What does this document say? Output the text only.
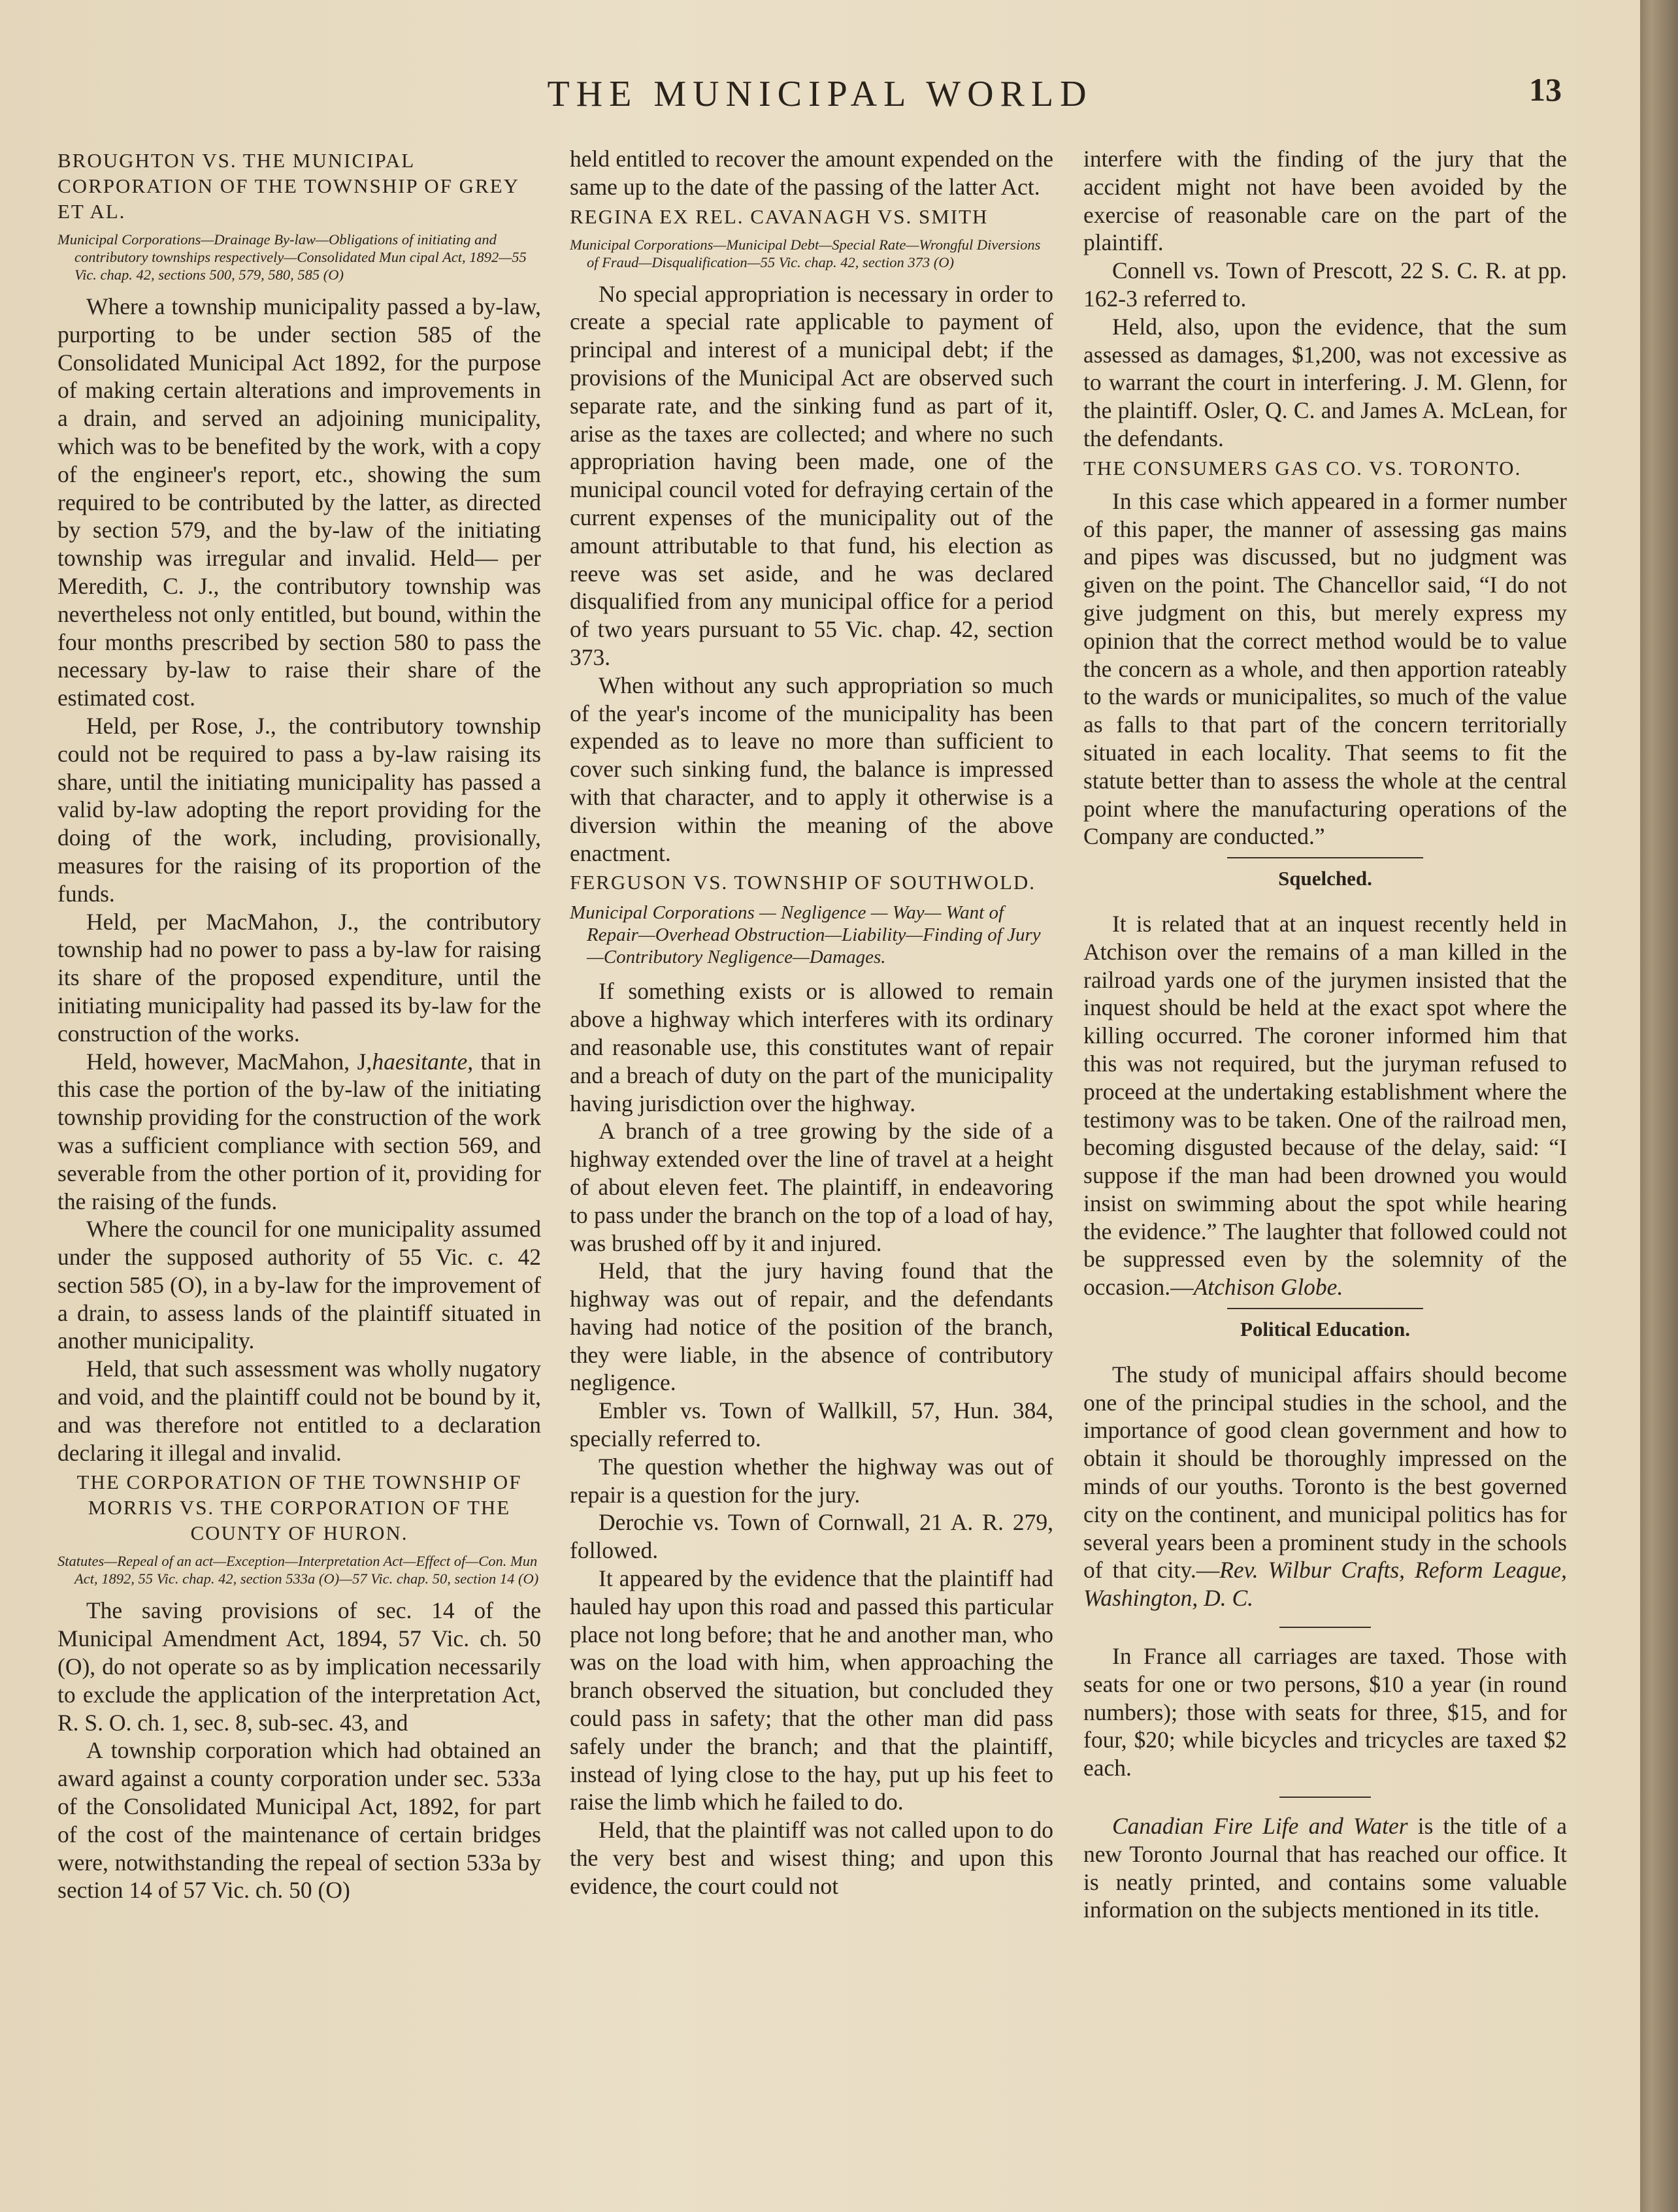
THE MUNICIPAL WORLD	13
BROUGHTON VS. THE MUNICIPAL CORPORATION OF THE TOWNSHIP OF GREY ET AL.
Municipal Corporations—Drainage By-law—Obligations of initiating and contributory townships respectively—Consolidated Mun cipal Act, 1892—55 Vic. chap. 42, sections 500, 579, 580, 585 (O)

Where a township municipality passed a by-law, purporting to be under section 585 of the Consolidated Municipal Act 1892, for the purpose of making certain alterations and improvements in a drain, and served an adjoining municipality, which was to be benefited by the work, with a copy of the engineer's report, etc., showing the sum required to be contributed by the latter, as directed by section 579, and the by-law of the initiating township was irregular and invalid. Held— per Meredith, C. J., the contributory township was nevertheless not only entitled, but bound, within the four months prescribed by section 580 to pass the necessary by-law to raise their share of the estimated cost.

Held, per Rose, J., the contributory township could not be required to pass a by-law raising its share, until the initiating municipality has passed a valid by-law adopting the report providing for the doing of the work, including, provisionally, measures for the raising of its proportion of the funds.

Held, per MacMahon, J., the contributory township had no power to pass a by-law for raising its share of the proposed expenditure, until the initiating municipality had passed its by-law for the construction of the works.

Held, however, MacMahon, J,haesitante, that in this case the portion of the by-law of the initiating township providing for the construction of the work was a sufficient compliance with section 569, and severable from the other portion of it, providing for the raising of the funds.

Where the council for one municipality assumed under the supposed authority of 55 Vic. c. 42 section 585 (O), in a by-law for the improvement of a drain, to assess lands of the plaintiff situated in another municipality.

Held, that such assessment was wholly nugatory and void, and the plaintiff could not be bound by it, and was therefore not entitled to a declaration declaring it illegal and invalid.

THE CORPORATION OF THE TOWNSHIP OF MORRIS VS. THE CORPORATION OF THE COUNTY OF HURON.
Statutes—Repeal of an act—Exception—Interpretation Act—Effect of—Con. Mun Act, 1892, 55 Vic. chap. 42, section 533a (O)—57 Vic. chap. 50, section 14 (O)

The saving provisions of sec. 14 of the Municipal Amendment Act, 1894, 57 Vic. ch. 50 (O), do not operate so as by implication necessarily to exclude the application of the interpretation Act, R. S. O. ch. 1, sec. 8, sub-sec. 43, and

A township corporation which had obtained an award against a county corporation under sec. 533a of the Consolidated Municipal Act, 1892, for part of the cost of the maintenance of certain bridges were, notwithstanding the repeal of section 533a by section 14 of 57 Vic. ch. 50 (O)

held entitled to recover the amount expended on the same up to the date of the passing of the latter Act.

REGINA EX REL. CAVANAGH VS. SMITH
Municipal Corporations—Municipal Debt—Special Rate—Wrongful Diversions of Fraud—Disqualification—55 Vic. chap. 42, section 373 (O)

No special appropriation is necessary in order to create a special rate applicable to payment of principal and interest of a municipal debt; if the provisions of the Municipal Act are observed such separate rate, and the sinking fund as part of it, arise as the taxes are collected; and where no such appropriation having been made, one of the municipal council voted for defraying certain of the current expenses of the municipality out of the amount attributable to that fund, his election as reeve was set aside, and he was declared disqualified from any municipal office for a period of two years pursuant to 55 Vic. chap. 42, section 373.

When without any such appropriation so much of the year's income of the municipality has been expended as to leave no more than sufficient to cover such sinking fund, the balance is impressed with that character, and to apply it otherwise is a diversion within the meaning of the above enactment.

FERGUSON VS. TOWNSHIP OF SOUTHWOLD.
Municipal Corporations — Negligence — Way— Want of Repair—Overhead Obstruction—Liability—Finding of Jury—Contributory Negligence—Damages.

If something exists or is allowed to remain above a highway which interferes with its ordinary and reasonable use, this constitutes want of repair and a breach of duty on the part of the municipality having jurisdiction over the highway.

A branch of a tree growing by the side of a highway extended over the line of travel at a height of about eleven feet. The plaintiff, in endeavoring to pass under the branch on the top of a load of hay, was brushed off by it and injured.

Held, that the jury having found that the highway was out of repair, and the defendants having had notice of the position of the branch, they were liable, in the absence of contributory negligence.

Embler vs. Town of Wallkill, 57, Hun. 384, specially referred to.

The question whether the highway was out of repair is a question for the jury.

Derochie vs. Town of Cornwall, 21 A. R. 279, followed.

It appeared by the evidence that the plaintiff had hauled hay upon this road and passed this particular place not long before; that he and another man, who was on the load with him, when approaching the branch observed the situation, but concluded they could pass in safety; that the other man did pass safely under the branch; and that the plaintiff, instead of lying close to the hay, put up his feet to raise the limb which he failed to do.

Held, that the plaintiff was not called upon to do the very best and wisest thing; and upon this evidence, the court could not

interfere with the finding of the jury that the accident might not have been avoided by the exercise of reasonable care on the part of the plaintiff.

Connell vs. Town of Prescott, 22 S. C. R. at pp. 162-3 referred to.

Held, also, upon the evidence, that the sum assessed as damages, $1,200, was not excessive as to warrant the court in interfering. J. M. Glenn, for the plaintiff. Osler, Q. C. and James A. McLean, for the defendants.

THE CONSUMERS GAS CO. VS. TORONTO.

In this case which appeared in a former number of this paper, the manner of assessing gas mains and pipes was discussed, but no judgment was given on the point. The Chancellor said, “I do not give judgment on this, but merely express my opinion that the correct method would be to value the concern as a whole, and then apportion rateably to the wards or municipalites, so much of the value as falls to that part of the concern territorially situated in each locality. That seems to fit the statute better than to assess the whole at the central point where the manufacturing operations of the Company are conducted.”

Squelched.

It is related that at an inquest recently held in Atchison over the remains of a man killed in the railroad yards one of the jurymen insisted that the inquest should be held at the exact spot where the killing occurred. The coroner informed him that this was not required, but the juryman refused to proceed at the undertaking establishment where the testimony was to be taken. One of the railroad men, becoming disgusted because of the delay, said: “I suppose if the man had been drowned you would insist on swimming about the spot while hearing the evidence.” The laughter that followed could not be suppressed even by the solemnity of the occasion.—Atchison Globe.

Political Education.

The study of municipal affairs should become one of the principal studies in the school, and the importance of good clean government and how to obtain it should be thoroughly impressed on the minds of our youths. Toronto is the best governed city on the continent, and municipal politics has for several years been a prominent study in the schools of that city.—Rev. Wilbur Crafts, Reform League, Washington, D. C.

In France all carriages are taxed. Those with seats for one or two persons, $10 a year (in round numbers); those with seats for three, $15, and for four, $20; while bicycles and tricycles are taxed $2 each.

Canadian Fire Life and Water is the title of a new Toronto Journal that has reached our office. It is neatly printed, and contains some valuable information on the subjects mentioned in its title.
